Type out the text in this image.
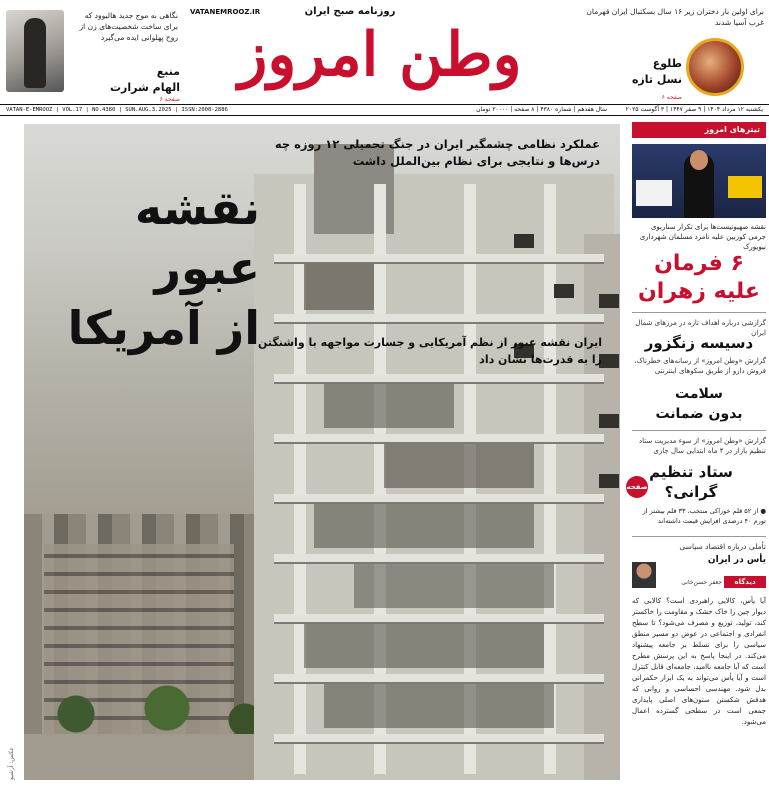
نگاهی به موج جدید هالیوود که برای ساخت شخصیت‌های زن از روح پهلوانی ایده می‌گیرد
منبع
الهام شرارت
صفحه ۶
VATANEMROOZ.IR	روزنامه صبح ایران
وطن امروز
برای اولین بار دختران زیر ۱۶ سال بسکتبال ایران قهرمان غرب آسیا شدند
طلوع
نسل تازه
صفحه ۶
یکشنبه ۱۲ مرداد ۱۴۰۴ | ۹ صفر ۱۴۴۷ | ۳ آگوست ۲۰۲۵
سال هفدهم | شماره ۴۳۸۰ | ۸ صفحه | ۲۰۰۰۰ تومان
VATAN-E-EMROOZ | VOL.17 | NO.4380 | SUN.AUG.3.2025 | ISSN:2008-2886
عکس: آرشیو
عملکرد نظامی چشمگیر ایران در جنگ تحمیلی ۱۲ روزه چه درس‌ها و نتایجی برای نظام بین‌الملل داشت
نقشه عبور
از آمریکا
ایران نقشه عبور از نظم آمریکایی و جسارت مواجهه با واشنگتن را به قدرت‌ها نشان داد
تیترهای امروز
نقشه صهیونیست‌ها برای تکرار سناریوی جرمی کوربین علیه نامزد مسلمان شهرداری نیویورک
۶ فرمان
علیه زهران
گزارشی درباره اهداف تازه در مرزهای شمال ایران
دسیسه زنگزور
گزارش «وطن امروز» از رسانه‌های خطرناک، فروش دارو از طریق سکوهای اینترنتی
سلامت
بدون ضمانت
گزارش «وطن امروز» از سوء مدیریت ستاد تنظیم بازار در ۴ ماه ابتدایی سال جاری
ستاد تنظیم
گرانی؟
صفحه ۵ ● از ۵۲ قلم خوراکی منتخب، ۳۳ قلم بیشتر از تورم ۴۰ درصدی افزایش قیمت داشته‌اند
تأملی درباره اقتصاد سیاسی
یأس در ایران
دیدگاه
جعفر حسن‌خانی
آیا یأس، کالایی راهبردی است؟ کالایی که دیوار چین را خاک خشک و مقاومت را خاکستر کند، تولید، توزیع و مصرف می‌شود؟ تا سطح انفرادی و اجتماعی در عوض دو مسیر منطق سیاسی را برای تسلط بر جامعه پیشنهاد می‌کند. در اینجا پاسخ به این پرسش مطرح است که آیا جامعه ناامید، جامعه‌ای قابل کنترل است و آیا یأس می‌تواند به یک ابزار حکمرانی بدل شود. مهندسی احساسی و روانی که هدفش شکستن ستون‌های اصلی پایداری جمعی است در سطحی گسترده اعمال می‌شود.
